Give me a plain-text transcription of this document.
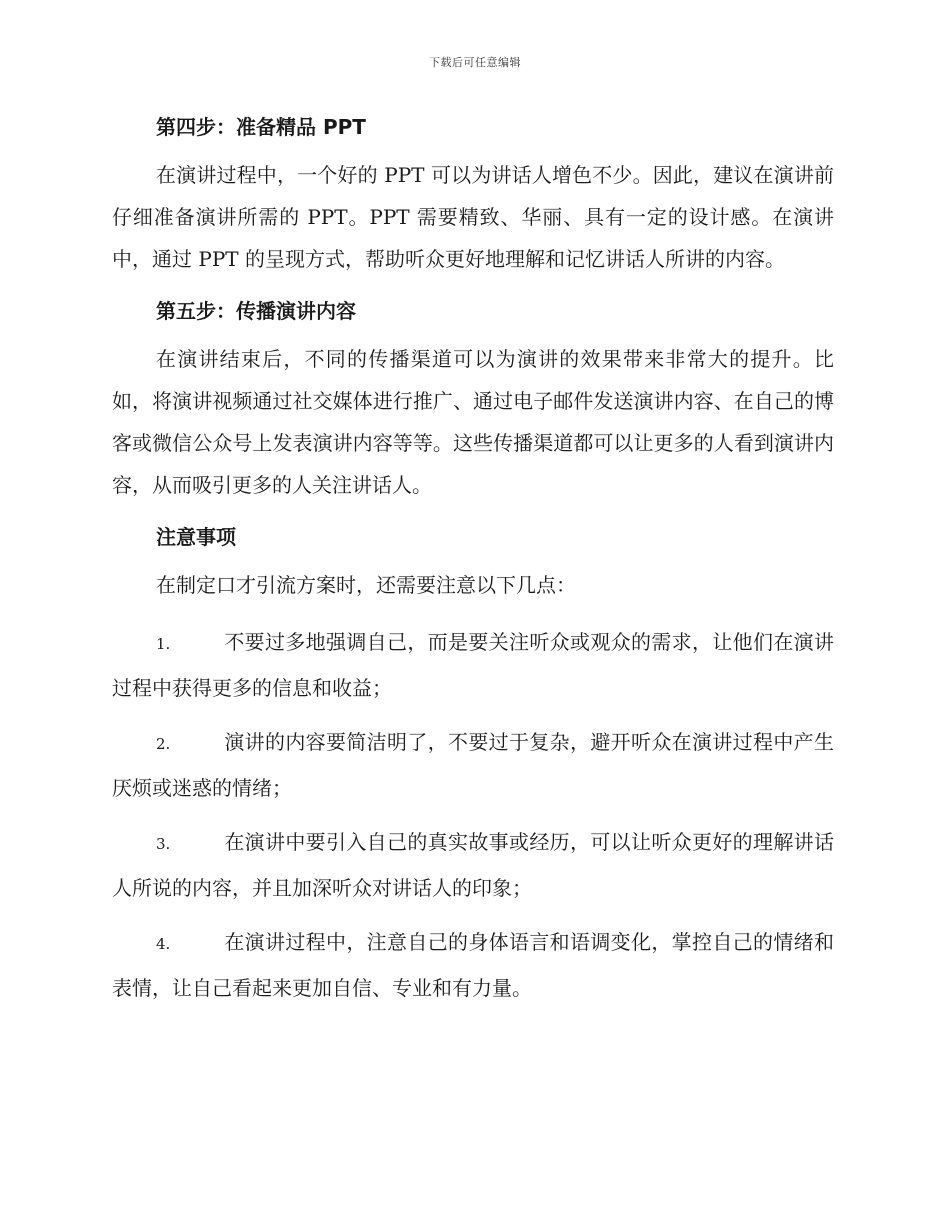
下载后可任意编辑
第四步：准备精品 PPT

在演讲过程中，一个好的 PPT 可以为讲话人增色不少。因此，建议在演讲前仔细准备演讲所需的 PPT。PPT 需要精致、华丽、具有一定的设计感。在演讲中，通过 PPT 的呈现方式，帮助听众更好地理解和记忆讲话人所讲的内容。

第五步：传播演讲内容

在演讲结束后，不同的传播渠道可以为演讲的效果带来非常大的提升。比如，将演讲视频通过社交媒体进行推广、通过电子邮件发送演讲内容、在自己的博客或微信公众号上发表演讲内容等等。这些传播渠道都可以让更多的人看到演讲内容，从而吸引更多的人关注讲话人。

注意事项

在制定口才引流方案时，还需要注意以下几点：

1.	不要过多地强调自己，而是要关注听众或观众的需求，让他们在演讲过程中获得更多的信息和收益；

2.	演讲的内容要简洁明了，不要过于复杂，避开听众在演讲过程中产生厌烦或迷惑的情绪；

3.	在演讲中要引入自己的真实故事或经历，可以让听众更好的理解讲话人所说的内容，并且加深听众对讲话人的印象；

4.	在演讲过程中，注意自己的身体语言和语调变化，掌控自己的情绪和表情，让自己看起来更加自信、专业和有力量。
